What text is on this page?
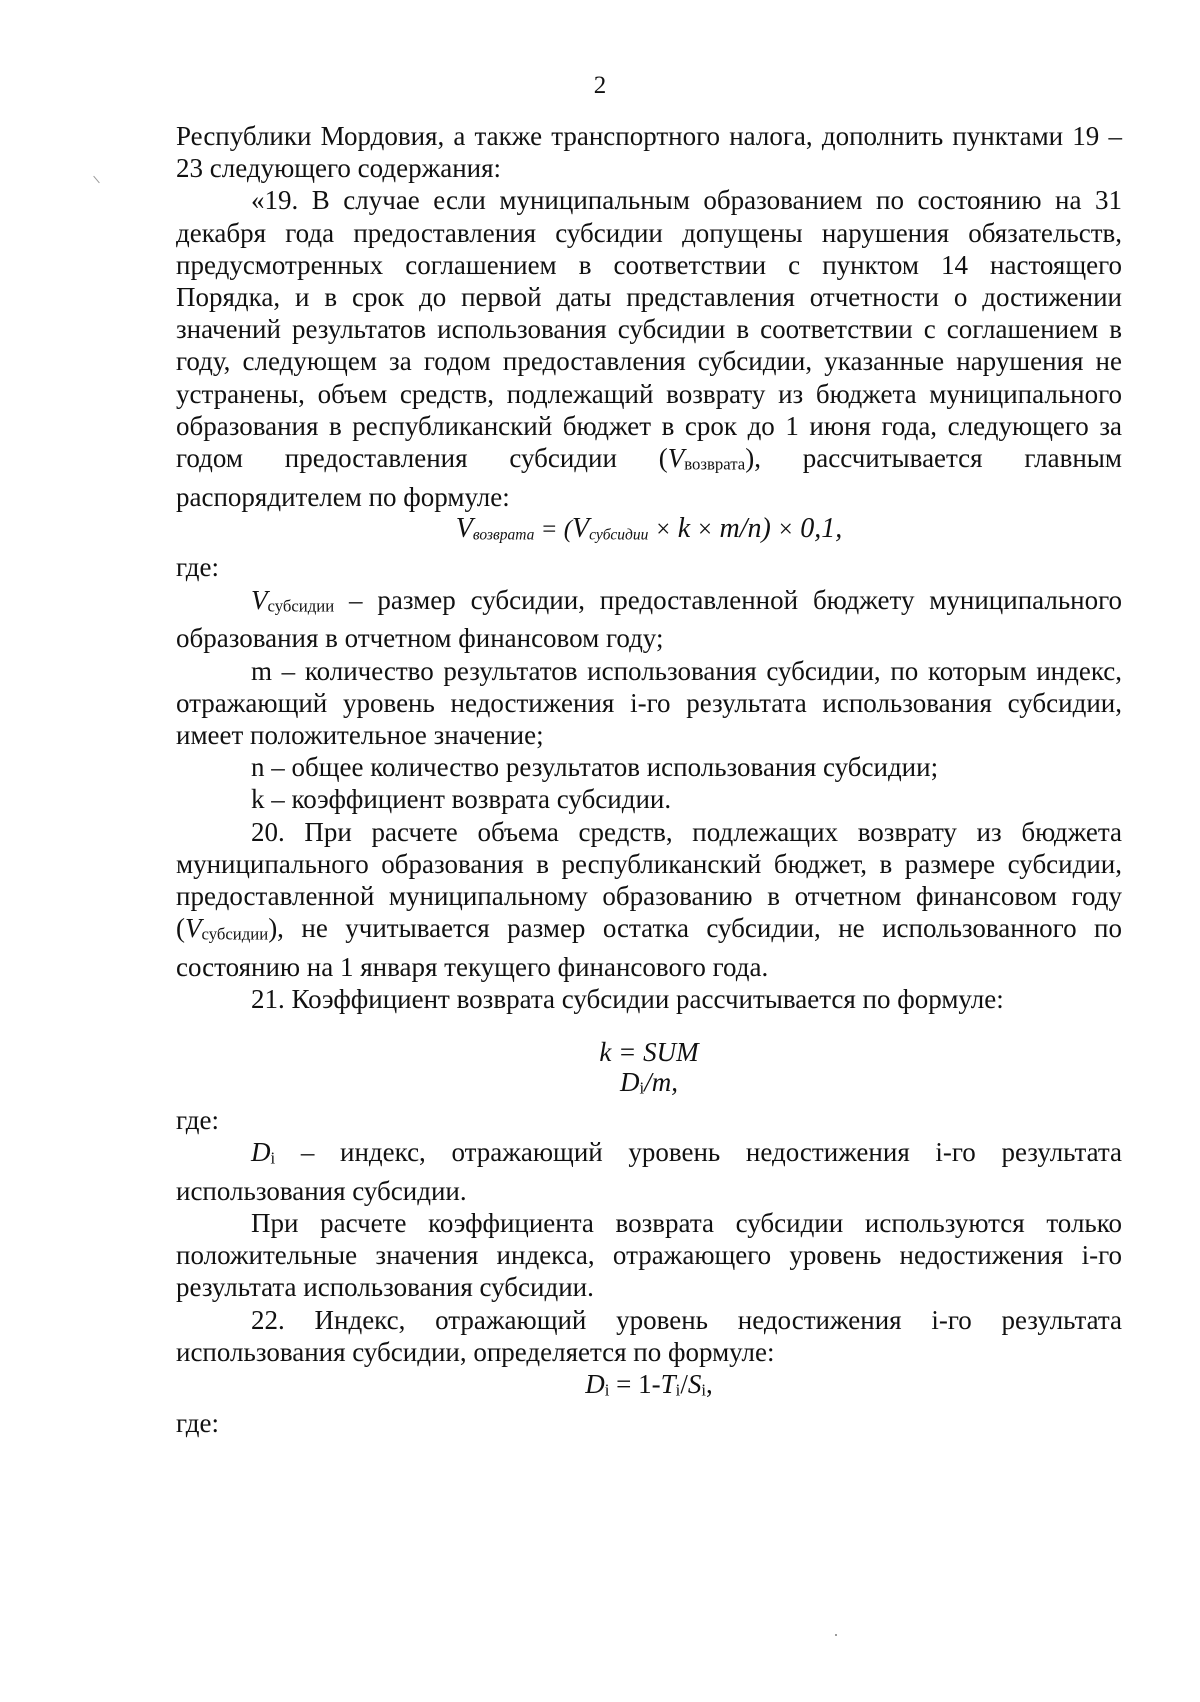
2

Республики Мордовия, а также транспортного налога, дополнить пунктами 19 – 23 следующего содержания:

«19. В случае если муниципальным образованием по состоянию на 31 декабря года предоставления субсидии допущены нарушения обязательств, предусмотренных соглашением в соответствии с пунктом 14 настоящего Порядка, и в срок до первой даты представления отчетности о достижении значений результатов использования субсидии в соответствии с соглашением в году, следующем за годом предоставления субсидии, указанные нарушения не устранены, объем средств, подлежащий возврату из бюджета муниципального образования в республиканский бюджет в срок до 1 июня года, следующего за годом предоставления субсидии (Vвозврата), рассчитывается главным распорядителем по формуле:

Vвозврата = (Vсубсидии × k × m/n) × 0,1,

где:

Vсубсидии – размер субсидии, предоставленной бюджету муниципального образования в отчетном финансовом году;

m – количество результатов использования субсидии, по которым индекс, отражающий уровень недостижения i-го результата использования субсидии, имеет положительное значение;

n – общее количество результатов использования субсидии;

k – коэффициент возврата субсидии.

20. При расчете объема средств, подлежащих возврату из бюджета муниципального образования в республиканский бюджет, в размере субсидии, предоставленной муниципальному образованию в отчетном финансовом году (Vсубсидии), не учитывается размер остатка субсидии, не использованного по состоянию на 1 января текущего финансового года.

21. Коэффициент возврата субсидии рассчитывается по формуле:

k = SUM
Di/m,

где:

Di – индекс, отражающий уровень недостижения i-го результата использования субсидии.

При расчете коэффициента возврата субсидии используются только положительные значения индекса, отражающего уровень недостижения i-го результата использования субсидии.

22. Индекс, отражающий уровень недостижения i-го результата использования субсидии, определяется по формуле:

Di = 1-Ti/Si,

где:
